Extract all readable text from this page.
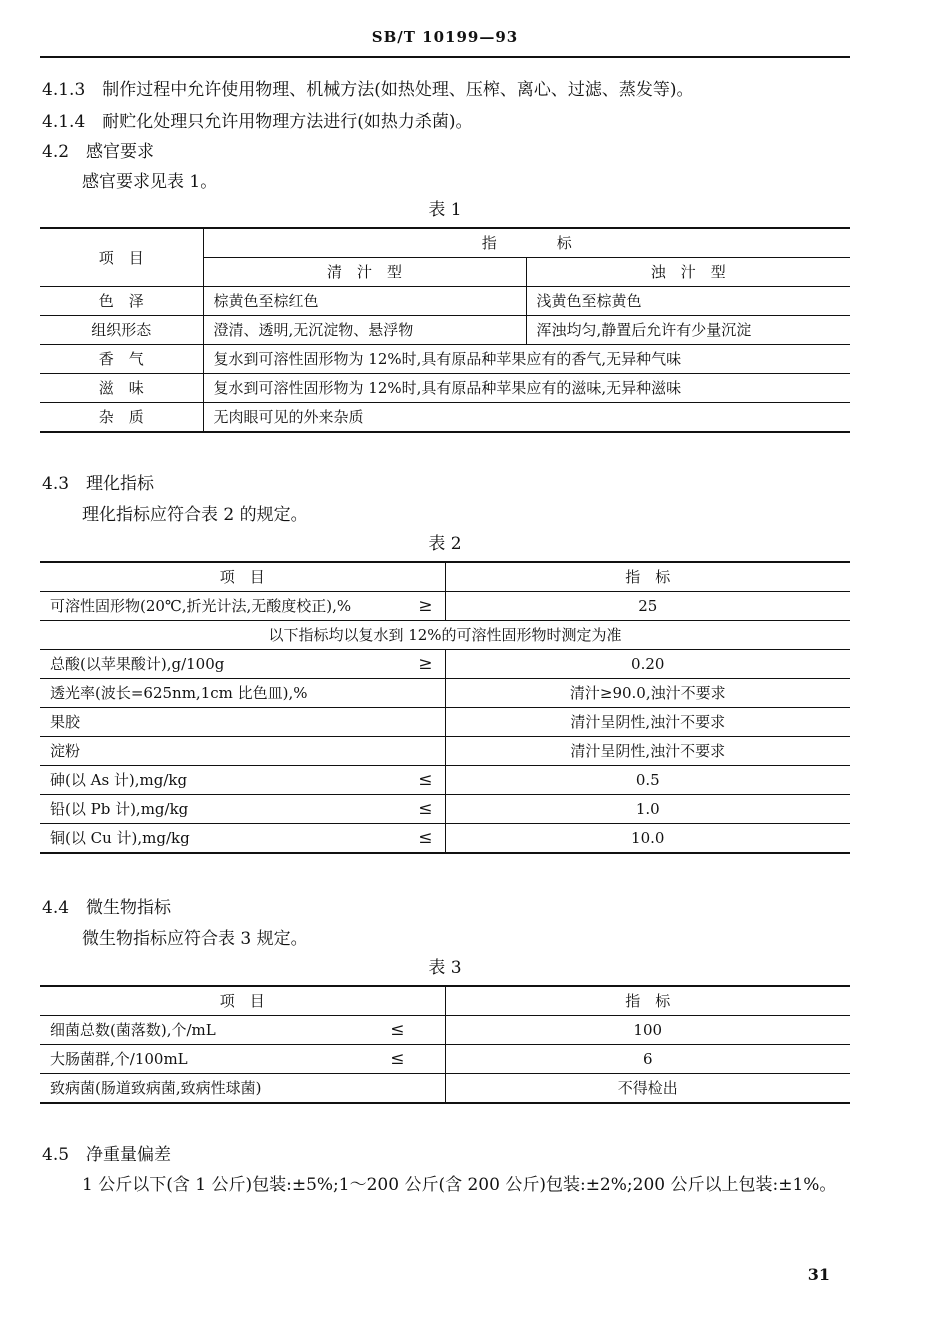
SB/T 10199—93
4.1.3　制作过程中允许使用物理、机械方法(如热处理、压榨、离心、过滤、蒸发等)。
4.1.4　耐贮化处理只允许用物理方法进行(如热力杀菌)。
4.2　感官要求
感官要求见表 1。
表 1
项　目	指　　　　标	
	清　汁　型	浊　汁　型
色　泽	棕黄色至棕红色	浅黄色至棕黄色
组织形态	澄清、透明,无沉淀物、悬浮物	浑浊均匀,静置后允许有少量沉淀
香　气	复水到可溶性固形物为 12%时,具有原品种苹果应有的香气,无异种气味	
滋　味	复水到可溶性固形物为 12%时,具有原品种苹果应有的滋味,无异种滋味	
杂　质	无肉眼可见的外来杂质	
4.3　理化指标
理化指标应符合表 2 的规定。
表 2
项　目	指　标

可溶性固形物(20℃,折光计法,无酸度校正),% ≥	25
以下指标均以复水到 12%的可溶性固形物时测定为准	

总酸(以苹果酸计),g/100g ≥	0.20

透光率(波长=625nm,1cm 比色皿),%	清汁≥90.0,浊汁不要求

果胶	清汁呈阴性,浊汁不要求

淀粉	清汁呈阴性,浊汁不要求

砷(以 As 计),mg/kg ≤	0.5

铅(以 Pb 计),mg/kg ≤	1.0

铜(以 Cu 计),mg/kg ≤	10.0
4.4　微生物指标
微生物指标应符合表 3 规定。
表 3
项　目	指　标

细菌总数(菌落数),个/mL ≤	100

大肠菌群,个/100mL ≤	6

致病菌(肠道致病菌,致病性球菌)	不得检出
4.5　净重量偏差
1 公斤以下(含 1 公斤)包装:±5%;1～200 公斤(含 200 公斤)包装:±2%;200 公斤以上包装:±1%。
31
